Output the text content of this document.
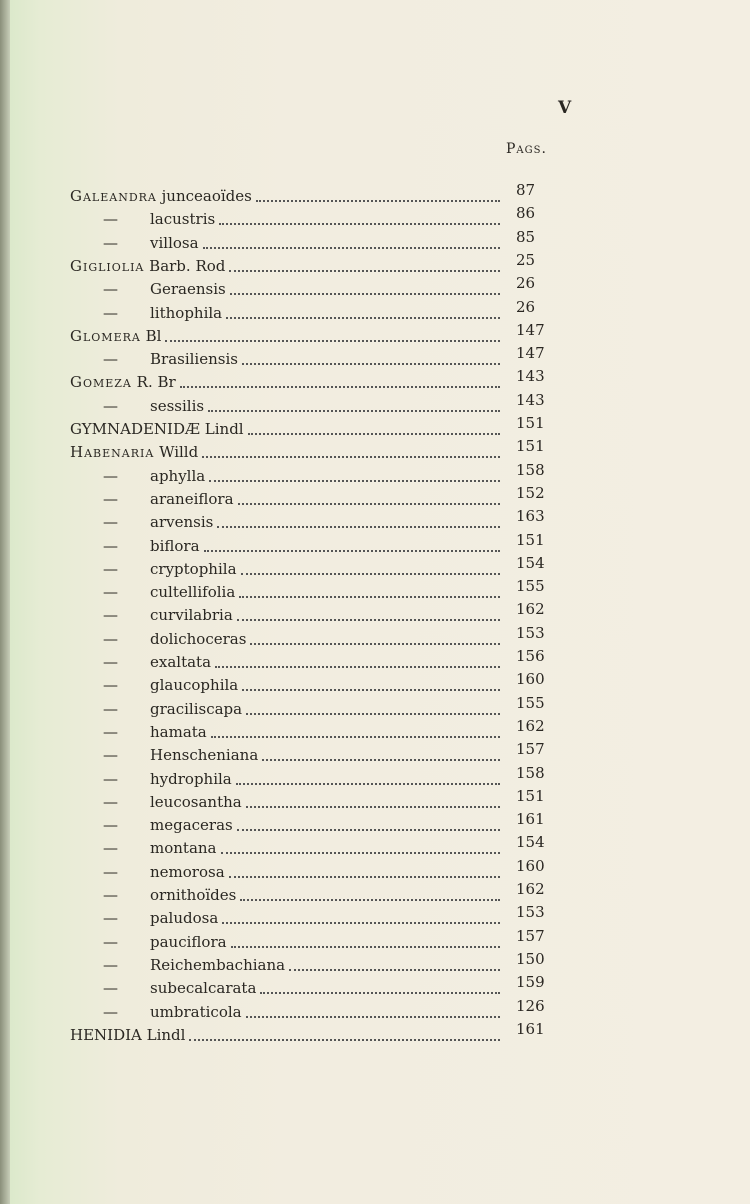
V
Pags.
Galeandra junceaoïdes	87
— lacustris	86
— villosa	85
Gigliolia Barb. Rod	25
— Geraensis	26
— lithophila	26
Glomera Bl	147
— Brasiliensis	147
Gomeza R. Br	143
— sessilis	143
GYMNADENIDÆ Lindl	151
Habenaria Willd	151
— aphylla	158
— araneiflora	152
— arvensis	163
— biflora	151
— cryptophila	154
— cultellifolia	155
— curvilabria	162
— dolichoceras	153
— exaltata	156
— glaucophila	160
— graciliscapa	155
— hamata	162
— Henscheniana	157
— hydrophila	158
— leucosantha	151
— megaceras	161
— montana	154
— nemorosa	160
— ornithoïdes	162
— paludosa	153
— pauciflora	157
— Reichembachiana	150
— subecalcarata	159
— umbraticola	126
HENIDIA Lindl	161
